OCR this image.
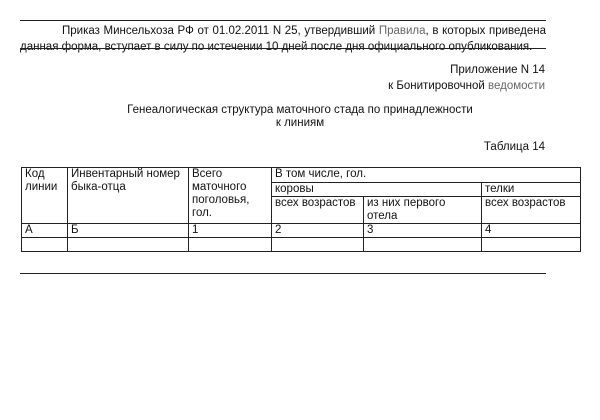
Приказ Минсельхоза РФ от 01.02.2011 N 25, утвердивший Правила, в которых приведена данная форма, вступает в силу по истечении 10 дней после дня официального опубликования.
Приложение N 14
к Бонитировочной ведомости
Генеалогическая структура маточного стада по принадлежности
к линиям
Таблица 14
Код линии	Инвентарный номер быка-отца	Всего маточного поголовья, гол.	В том числе, гол.		
			коровы		телки
			всех возрастов	из них первого отела	всех возрастов
А	Б	1	2	3	4
